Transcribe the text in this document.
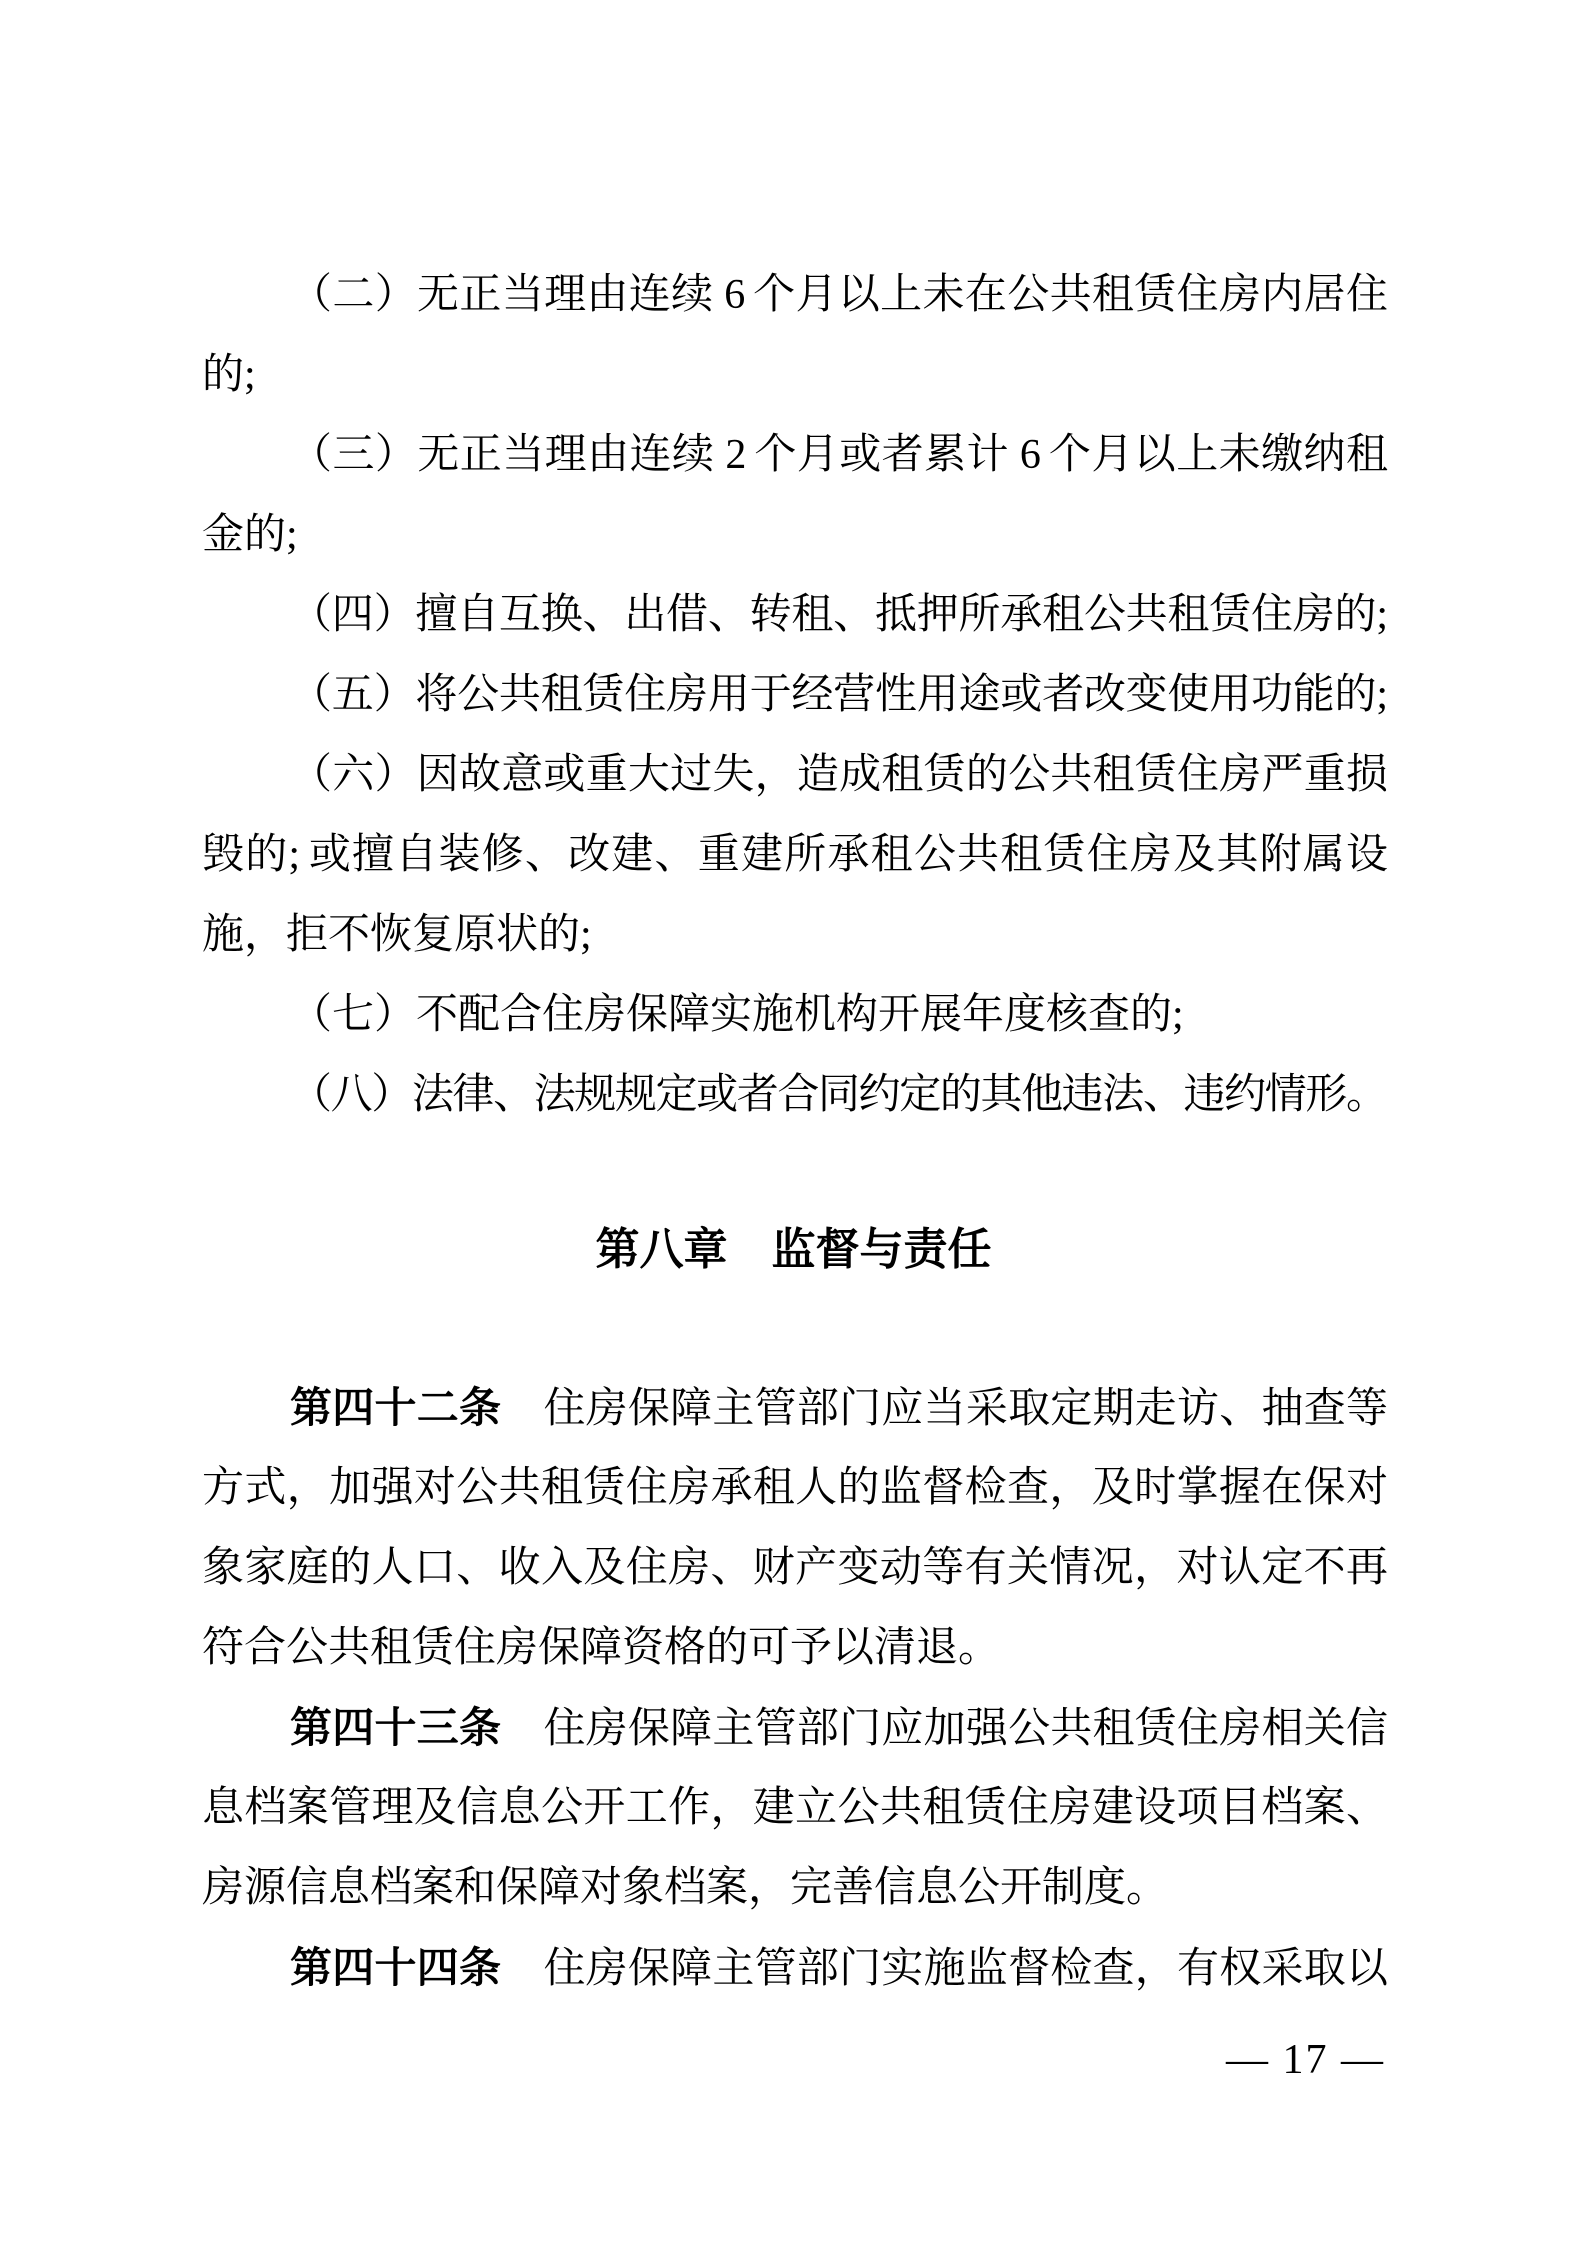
（二）无正当理由连续 6 个月以上未在公共租赁住房内居住
的;
（三）无正当理由连续 2 个月或者累计 6 个月以上未缴纳租
金的;
（四）擅自互换、出借、转租、抵押所承租公共租赁住房的;
（五）将公共租赁住房用于经营性用途或者改变使用功能的;
（六）因故意或重大过失，造成租赁的公共租赁住房严重损
毁的; 或擅自装修、改建、重建所承租公共租赁住房及其附属设
施，拒不恢复原状的;
（七）不配合住房保障实施机构开展年度核查的;
（八）法律、法规规定或者合同约定的其他违法、违约情形。
第八章　监督与责任
第四十二条　住房保障主管部门应当采取定期走访、抽查等
方式，加强对公共租赁住房承租人的监督检查，及时掌握在保对
象家庭的人口、收入及住房、财产变动等有关情况，对认定不再
符合公共租赁住房保障资格的可予以清退。
第四十三条　住房保障主管部门应加强公共租赁住房相关信
息档案管理及信息公开工作，建立公共租赁住房建设项目档案、
房源信息档案和保障对象档案，完善信息公开制度。
第四十四条　住房保障主管部门实施监督检查，有权采取以
— 17 —
